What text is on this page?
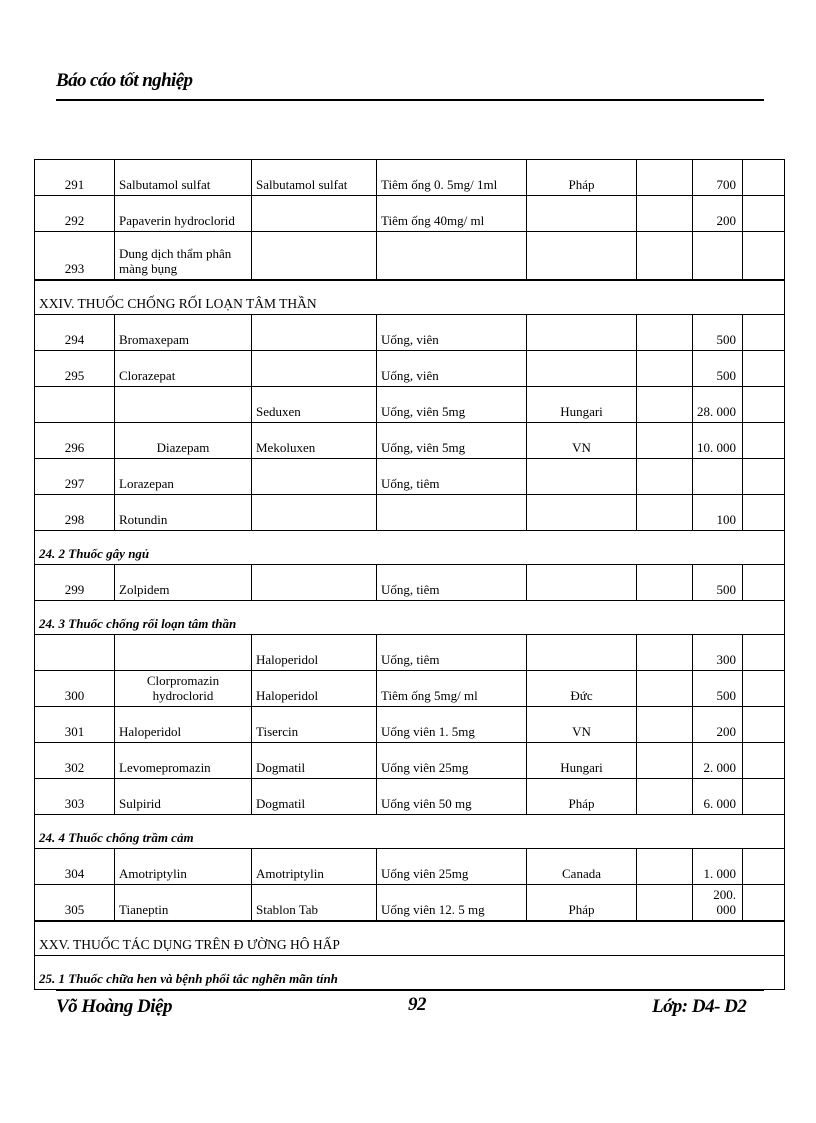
Báo cáo tốt nghiệp
291	Salbutamol sulfat	Salbutamol sulfat	Tiêm ống 0. 5mg/ 1ml	Pháp		700	
292	Papaverin hydroclorid		Tiêm ống 40mg/ ml			200	
293	Dung dịch thẩm phân màng bụng						
XXIV. THUỐC CHỐNG RỐI LOẠN TÂM THẦN							
294	Bromaxepam		Uống, viên			500	
295	Clorazepat		Uống, viên			500	
		Seduxen	Uống, viên 5mg	Hungari		28. 000	
296	Diazepam	Mekoluxen	Uống, viên 5mg	VN		10. 000	
297	Lorazepan		Uống, tiêm				
298	Rotundin					100	
24. 2 Thuốc gây ngủ							
299	Zolpidem		Uống, tiêm			500	
24. 3 Thuốc chống rối loạn tâm thần							
		Haloperidol	Uống, tiêm			300	
300	Clorpromazin hydroclorid	Haloperidol	Tiêm ống 5mg/ ml	Đức		500	
301	Haloperidol	Tisercin	Uống viên 1. 5mg	VN		200	
302	Levomepromazin	Dogmatil	Uống viên 25mg	Hungari		2. 000	
303	Sulpirid	Dogmatil	Uống viên 50 mg	Pháp		6. 000	
24. 4 Thuốc chống trầm cảm							
304	Amotriptylin	Amotriptylin	Uống viên 25mg	Canada		1. 000	
305	Tianeptin	Stablon Tab	Uống viên 12. 5 mg	Pháp		200. 000	
XXV. THUỐC TÁC DỤNG TRÊN Đ ƯỜNG HÔ HẤP							
25. 1 Thuốc chữa hen và bệnh phổi tắc nghẽn mãn tính							
Võ Hoàng Diệp	92	Lớp: D4- D2
